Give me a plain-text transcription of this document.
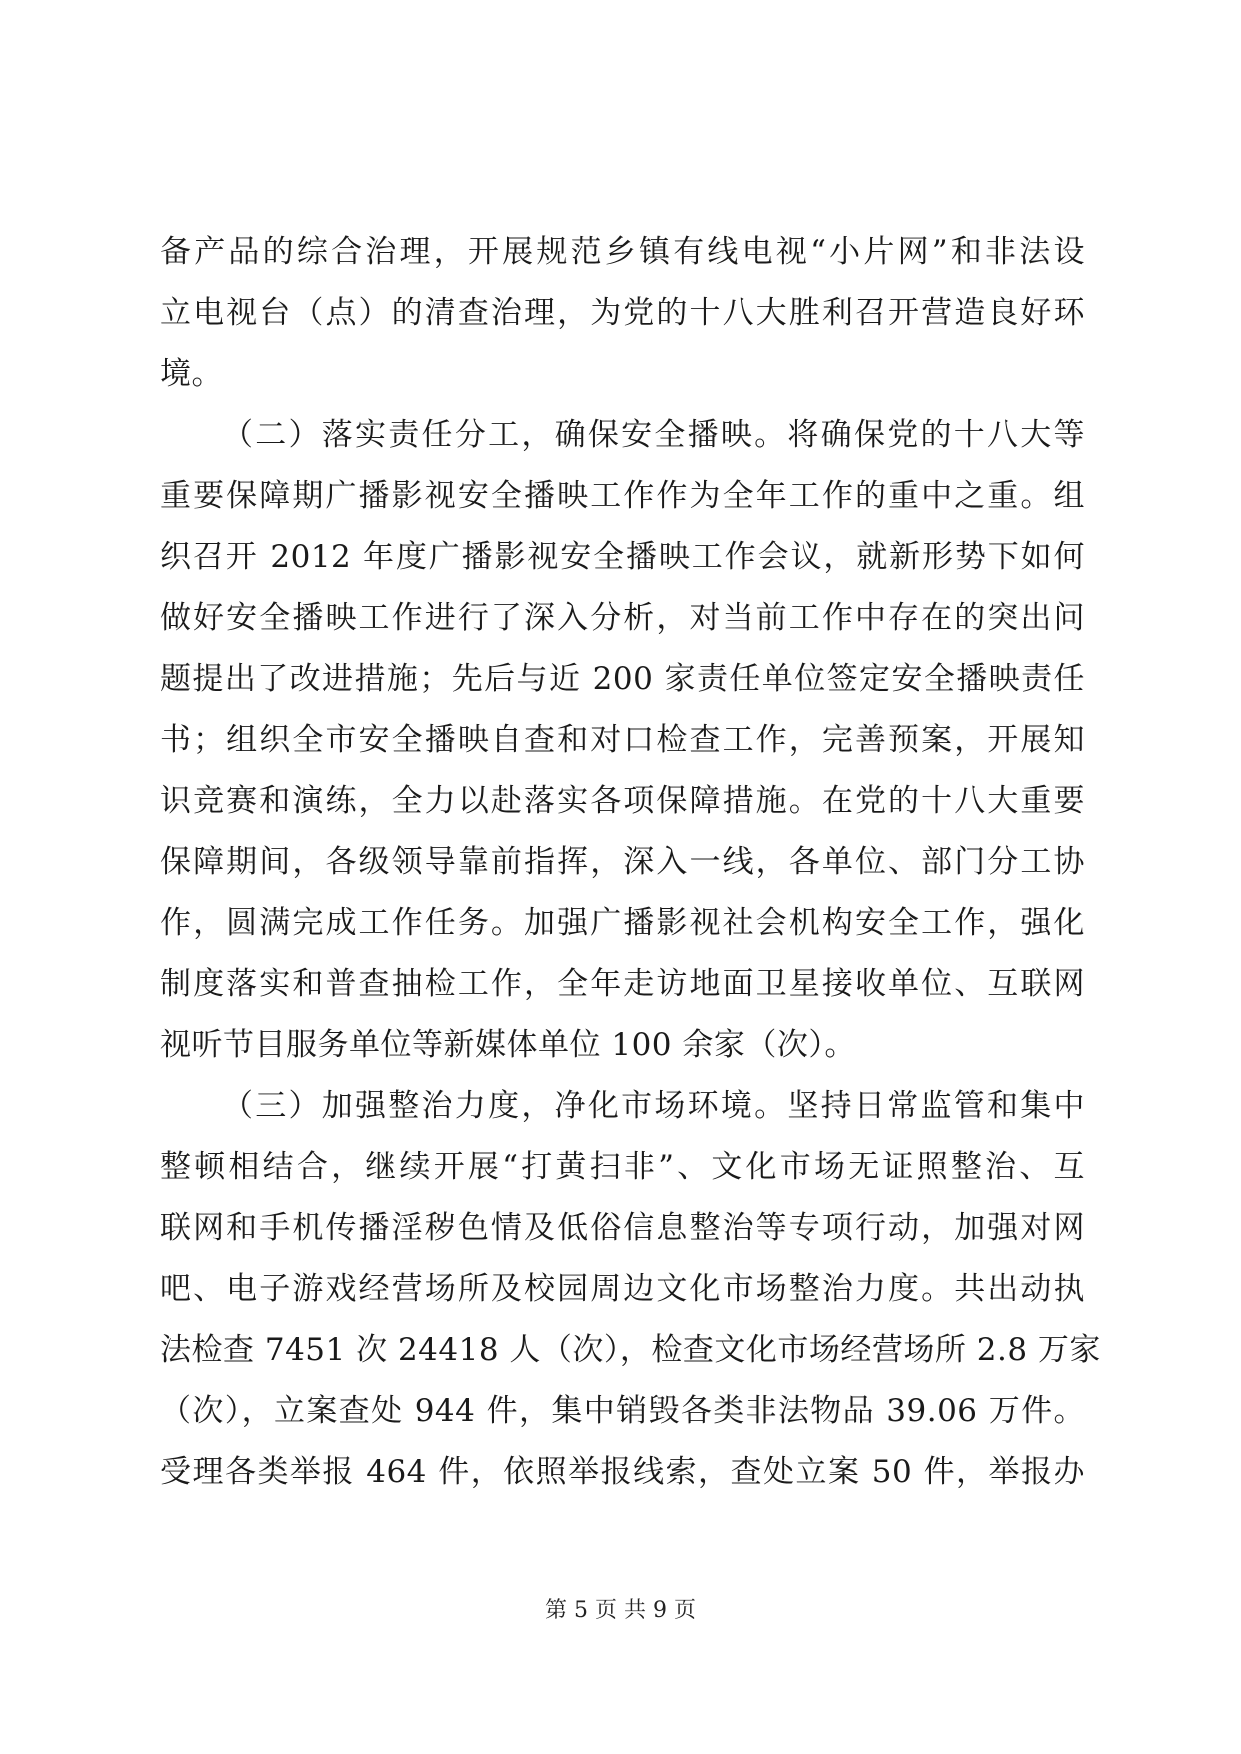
备产品的综合治理，开展规范乡镇有线电视“小片网”和非法设
立电视台（点）的清查治理，为党的十八大胜利召开营造良好环
境。
（二）落实责任分工，确保安全播映。将确保党的十八大等
重要保障期广播影视安全播映工作作为全年工作的重中之重。组
织召开 2012 年度广播影视安全播映工作会议，就新形势下如何
做好安全播映工作进行了深入分析，对当前工作中存在的突出问
题提出了改进措施；先后与近 200 家责任单位签定安全播映责任
书；组织全市安全播映自查和对口检查工作，完善预案，开展知
识竞赛和演练，全力以赴落实各项保障措施。在党的十八大重要
保障期间，各级领导靠前指挥，深入一线，各单位、部门分工协
作，圆满完成工作任务。加强广播影视社会机构安全工作，强化
制度落实和普查抽检工作，全年走访地面卫星接收单位、互联网
视听节目服务单位等新媒体单位 100 余家（次）。
（三）加强整治力度，净化市场环境。坚持日常监管和集中
整顿相结合，继续开展“打黄扫非”、文化市场无证照整治、互
联网和手机传播淫秽色情及低俗信息整治等专项行动，加强对网
吧、电子游戏经营场所及校园周边文化市场整治力度。共出动执
法检查 7451 次 24418 人（次），检查文化市场经营场所 2.8 万家
（次），立案查处 944 件，集中销毁各类非法物品 39.06 万件。
受理各类举报 464 件，依照举报线索，查处立案 50 件，举报办
第 5 页 共 9 页
